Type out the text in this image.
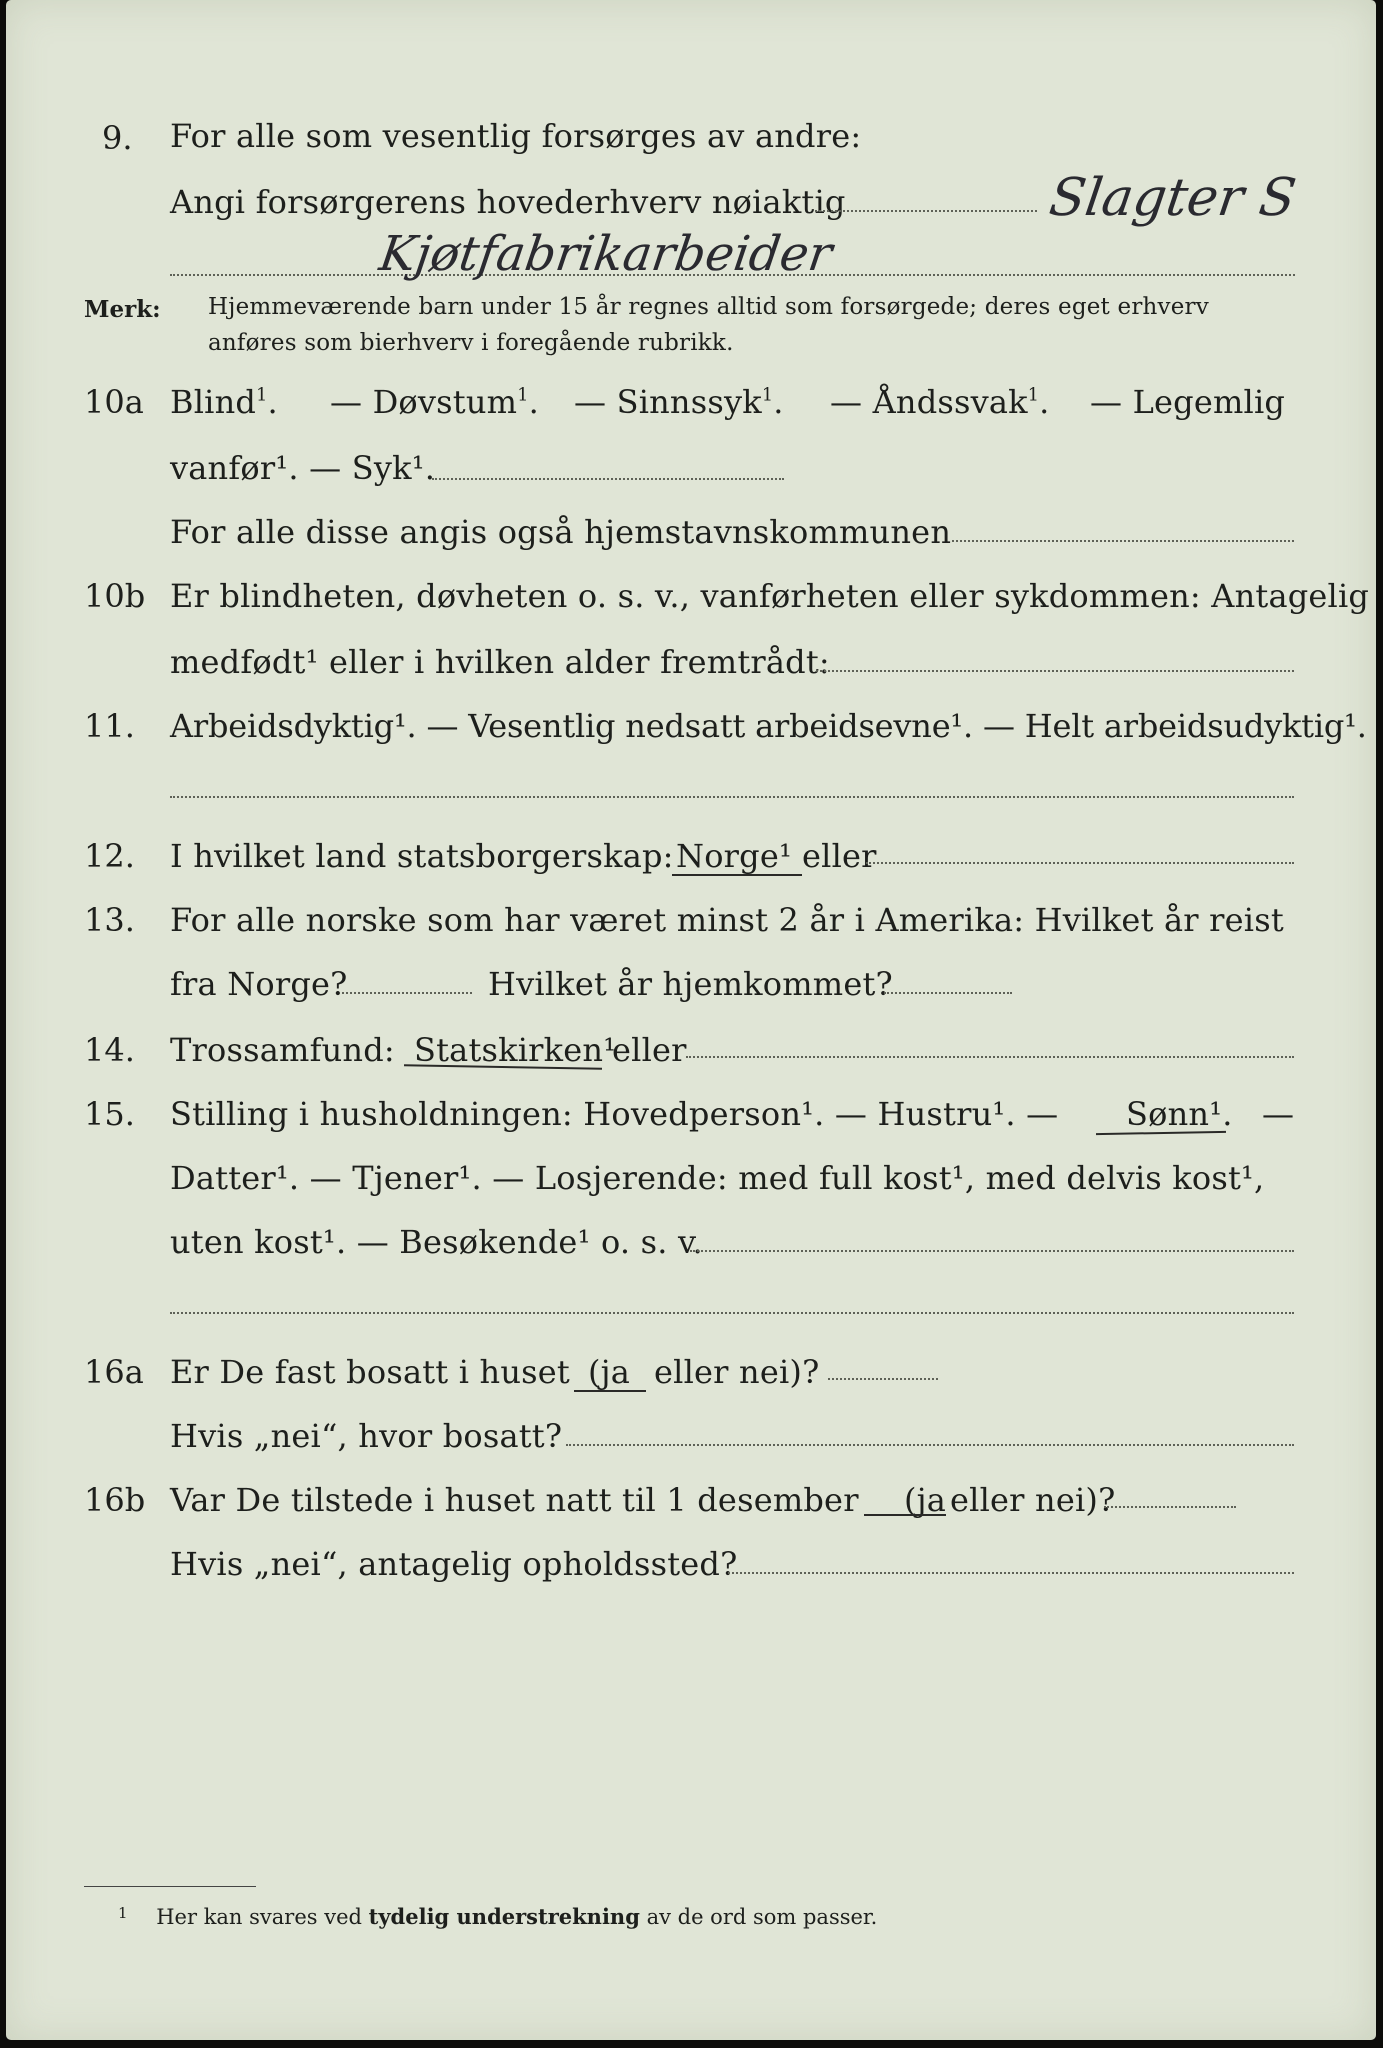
9. For alle som vesentlig forsørges av andre:
Angi forsørgerens hovederhverv nøiaktig	Slagter S
Kjøtfabrikarbeider
Merk: Hjemmeværende barn under 15 år regnes alltid som forsørgede; deres eget erhverv
anføres som bierhverv i foregående rubrikk.
10a Blind$^1$. — Døvstum$^1$. — Sinnssyk$^1$. — Åndssvak$^1$. — Legemlig
vanfør¹. — Syk¹.
For alle disse angis også hjemstavnskommunen
10b Er blindheten, døvheten o. s. v., vanførheten eller sykdommen: Antagelig
medfødt¹ eller i hvilken alder fremtrådt:
11. Arbeidsdyktig¹. — Vesentlig nedsatt arbeidsevne¹. — Helt arbeidsudyktig¹.
12. I hvilket land statsborgerskap: Norge¹ eller
13. For alle norske som har været minst 2 år i Amerika: Hvilket år reist
fra Norge?	Hvilket år hjemkommet?
14. Trossamfund: Statskirken¹
eller
15. Stilling i husholdningen: Hovedperson¹. — Hustru¹. — Sønn¹. —
Datter¹. — Tjener¹. — Losjerende: med full kost¹, med delvis kost¹,
uten kost¹. — Besøkende¹ o. s. v.
16a Er De fast bosatt i huset (ja eller nei)?
Hvis „nei“, hvor bosatt?
16b Var De tilstede i huset natt til 1 desember (ja eller nei)?
Hvis „nei“, antagelig opholdssted?
$^1$ Her kan svares ved tydelig understrekning av de ord som passer.
